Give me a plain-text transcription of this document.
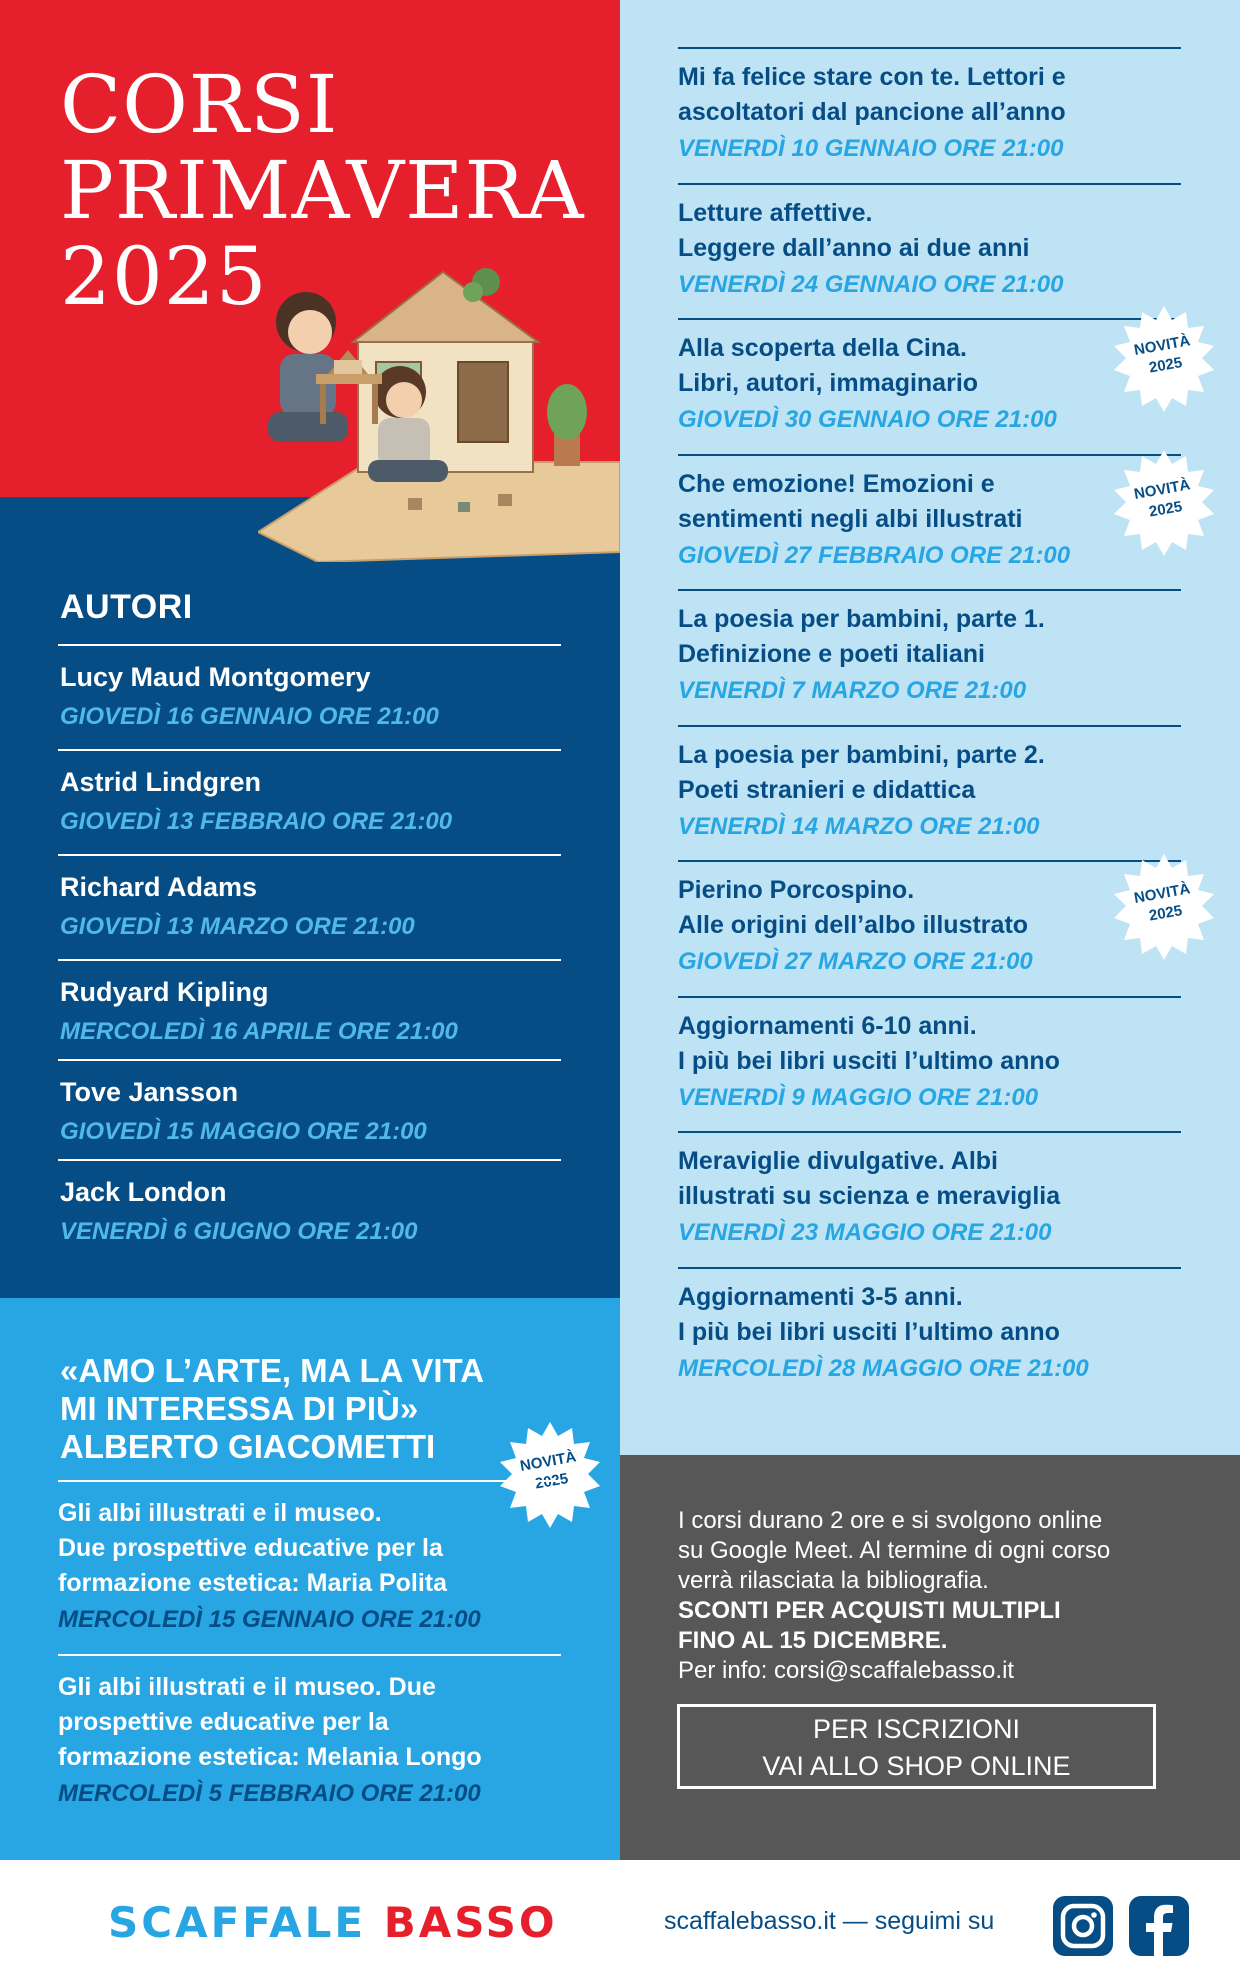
CORSI
PRIMAVERA
2025
AUTORI
Lucy Maud Montgomery
GIOVEDÌ 16 GENNAIO ORE 21:00
Astrid Lindgren
GIOVEDÌ 13 FEBBRAIO ORE 21:00
Richard Adams
GIOVEDÌ 13 MARZO ORE 21:00
Rudyard Kipling
MERCOLEDÌ 16 APRILE ORE 21:00
Tove Jansson
GIOVEDÌ 15 MAGGIO ORE 21:00
Jack London
VENERDÌ 6 GIUGNO ORE 21:00
«AMO L’ARTE, MA LA VITA
MI INTERESSA DI PIÙ»
ALBERTO GIACOMETTI	NOVITÀ
2025
Gli albi illustrati e il museo.
Due prospettive educative per la
formazione estetica: Maria Polita
MERCOLEDÌ 15 GENNAIO ORE 21:00
Gli albi illustrati e il museo. Due
prospettive educative per la
formazione estetica: Melania Longo
MERCOLEDÌ 5 FEBBRAIO ORE 21:00
Mi fa felice stare con te. Lettori e
ascoltatori dal pancione all’anno
VENERDÌ 10 GENNAIO ORE 21:00
Letture affettive.
Leggere dall’anno ai due anni
VENERDÌ 24 GENNAIO ORE 21:00
Alla scoperta della Cina.
Libri, autori, immaginario
GIOVEDÌ 30 GENNAIO ORE 21:00
NOVITÀ
2025
Che emozione! Emozioni e
sentimenti negli albi illustrati
GIOVEDÌ 27 FEBBRAIO ORE 21:00
NOVITÀ
2025
La poesia per bambini, parte 1.
Definizione e poeti italiani
VENERDÌ 7 MARZO ORE 21:00
La poesia per bambini, parte 2.
Poeti stranieri e didattica
VENERDÌ 14 MARZO ORE 21:00
Pierino Porcospino.
Alle origini dell’albo illustrato
GIOVEDÌ 27 MARZO ORE 21:00
NOVITÀ
2025
Aggiornamenti 6-10 anni.
I più bei libri usciti l’ultimo anno
VENERDÌ 9 MAGGIO ORE 21:00
Meraviglie divulgative. Albi
illustrati su scienza e meraviglia
VENERDÌ 23 MAGGIO ORE 21:00
Aggiornamenti 3-5 anni.
I più bei libri usciti l’ultimo anno
MERCOLEDÌ 28 MAGGIO ORE 21:00
I corsi durano 2 ore e si svolgono online
su Google Meet. Al termine di ogni corso
verrà rilasciata la bibliografia.
SCONTI PER ACQUISTI MULTIPLI
FINO AL 15 DICEMBRE.
Per info: corsi@scaffalebasso.it
PER ISCRIZIONI
VAI ALLO SHOP ONLINE
SCAFFALE BASSO	scaffalebasso.it — seguimi su
